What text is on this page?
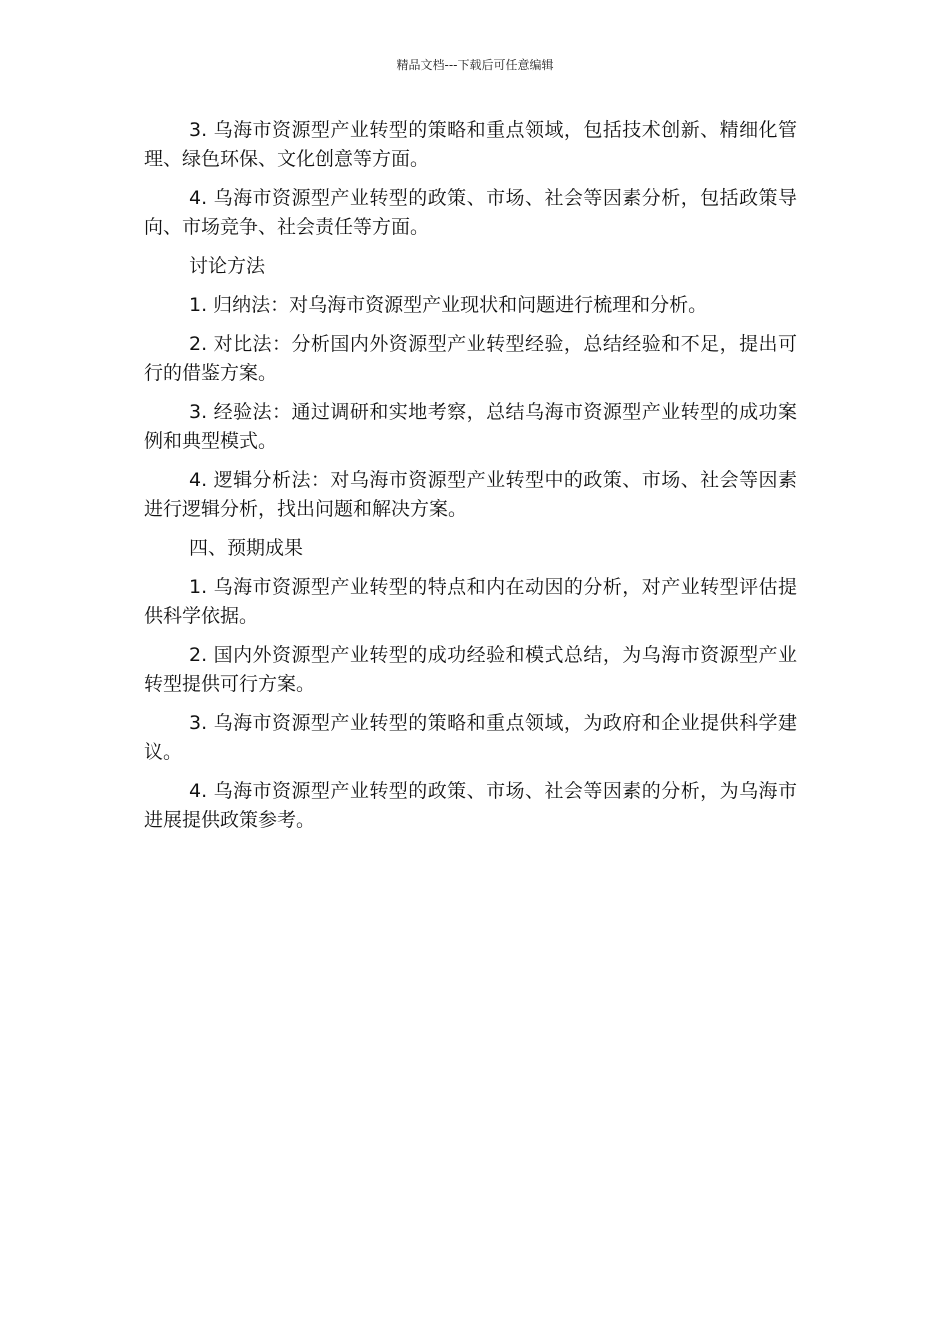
精品文档---下载后可任意编辑

3. 乌海市资源型产业转型的策略和重点领域，包括技术创新、精细化管理、绿色环保、文化创意等方面。

4. 乌海市资源型产业转型的政策、市场、社会等因素分析，包括政策导向、市场竞争、社会责任等方面。

讨论方法

1. 归纳法：对乌海市资源型产业现状和问题进行梳理和分析。

2. 对比法：分析国内外资源型产业转型经验，总结经验和不足，提出可行的借鉴方案。

3. 经验法：通过调研和实地考察，总结乌海市资源型产业转型的成功案例和典型模式。

4. 逻辑分析法：对乌海市资源型产业转型中的政策、市场、社会等因素进行逻辑分析，找出问题和解决方案。

四、预期成果

1. 乌海市资源型产业转型的特点和内在动因的分析，对产业转型评估提供科学依据。

2. 国内外资源型产业转型的成功经验和模式总结，为乌海市资源型产业转型提供可行方案。

3. 乌海市资源型产业转型的策略和重点领域，为政府和企业提供科学建议。

4. 乌海市资源型产业转型的政策、市场、社会等因素的分析，为乌海市进展提供政策参考。
